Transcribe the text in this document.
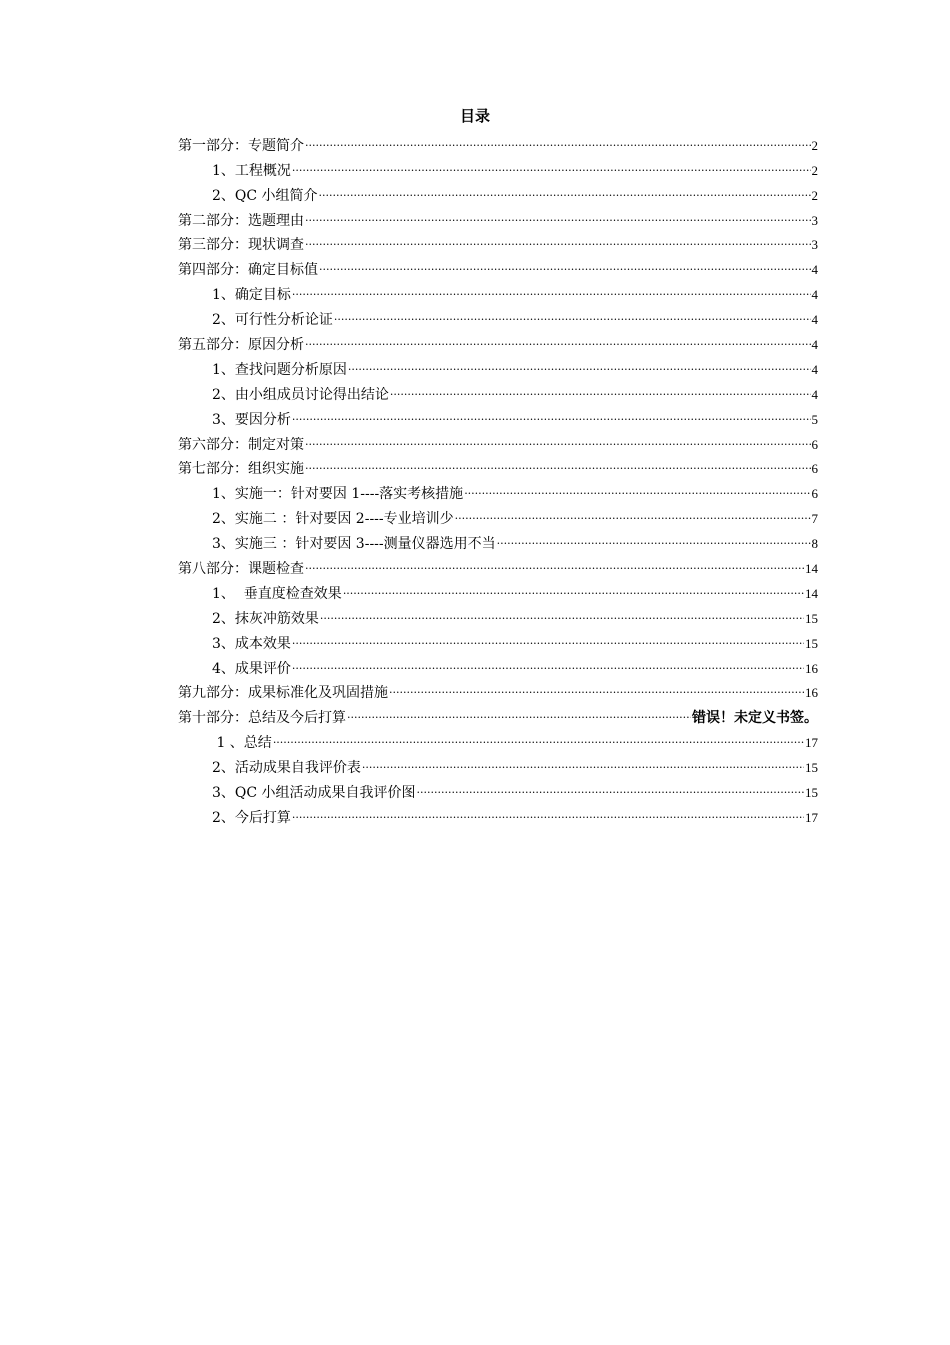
目录
第一部分：专题简介 .....	2
1、工程概况 .....	2
2、QC 小组简介 .....	2
第二部分：选题理由 .....	3
第三部分：现状调查 .....	3
第四部分：确定目标值 .....	4
1、确定目标 .....	4
2、可行性分析论证 .....	4
第五部分：原因分析 .....	4
1、查找问题分析原因 .....	4
2、由小组成员讨论得出结论 .....	4
3、要因分析 .....	5
第六部分：制定对策 .....	6
第七部分：组织实施 .....	6
1、实施一：针对要因 1----落实考核措施 .....	6
2、实施二 ：针对要因 2----专业培训少 .....	7
3、实施三 ：针对要因 3----测量仪器选用不当 .....	8
第八部分：课题检查 .....	14
1、  垂直度检查效果 .....	14
2、抹灰冲筋效果 .....	15
3、成本效果 .....	15
4、成果评价 .....	16
第九部分：成果标准化及巩固措施 .....	16
第十部分：总结及今后打算 .....	错误！未定义书签。
1 、总结 .....	17
2、活动成果自我评价表 .....	15
3、QC 小组活动成果自我评价图 .....	15
2、今后打算 .....	17
